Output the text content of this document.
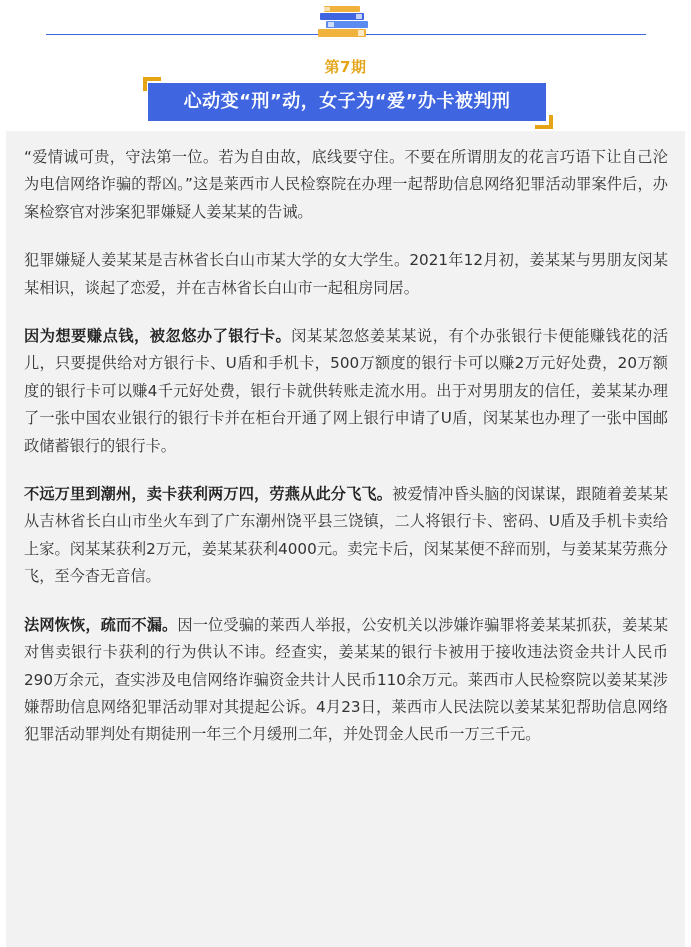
第7期
心动变“刑”动，女子为“爱”办卡被判刑

“爱情诚可贵，守法第一位。若为自由故，底线要守住。不要在所谓朋友的花言巧语下让自己沦为电信网络诈骗的帮凶。”这是莱西市人民检察院在办理一起帮助信息网络犯罪活动罪案件后，办案检察官对涉案犯罪嫌疑人姜某某的告诫。

犯罪嫌疑人姜某某是吉林省长白山市某大学的女大学生。2021年12月初，姜某某与男朋友闵某某相识，谈起了恋爱，并在吉林省长白山市一起租房同居。

因为想要赚点钱，被忽悠办了银行卡。闵某某忽悠姜某某说，有个办张银行卡便能赚钱花的活儿，只要提供给对方银行卡、U盾和手机卡，500万额度的银行卡可以赚2万元好处费，20万额度的银行卡可以赚4千元好处费，银行卡就供转账走流水用。出于对男朋友的信任，姜某某办理了一张中国农业银行的银行卡并在柜台开通了网上银行申请了U盾，闵某某也办理了一张中国邮政储蓄银行的银行卡。

不远万里到潮州，卖卡获利两万四，劳燕从此分飞飞。被爱情冲昏头脑的闵谋谋，跟随着姜某某从吉林省长白山市坐火车到了广东潮州饶平县三饶镇，二人将银行卡、密码、U盾及手机卡卖给上家。闵某某获利2万元，姜某某获利4000元。卖完卡后，闵某某便不辞而别，与姜某某劳燕分飞，至今杳无音信。

法网恢恢，疏而不漏。因一位受骗的莱西人举报，公安机关以涉嫌诈骗罪将姜某某抓获，姜某某对售卖银行卡获利的行为供认不讳。经查实，姜某某的银行卡被用于接收违法资金共计人民币290万余元，查实涉及电信网络诈骗资金共计人民币110余万元。莱西市人民检察院以姜某某涉嫌帮助信息网络犯罪活动罪对其提起公诉。4月23日，莱西市人民法院以姜某某犯帮助信息网络犯罪活动罪判处有期徒刑一年三个月缓刑二年，并处罚金人民币一万三千元。
